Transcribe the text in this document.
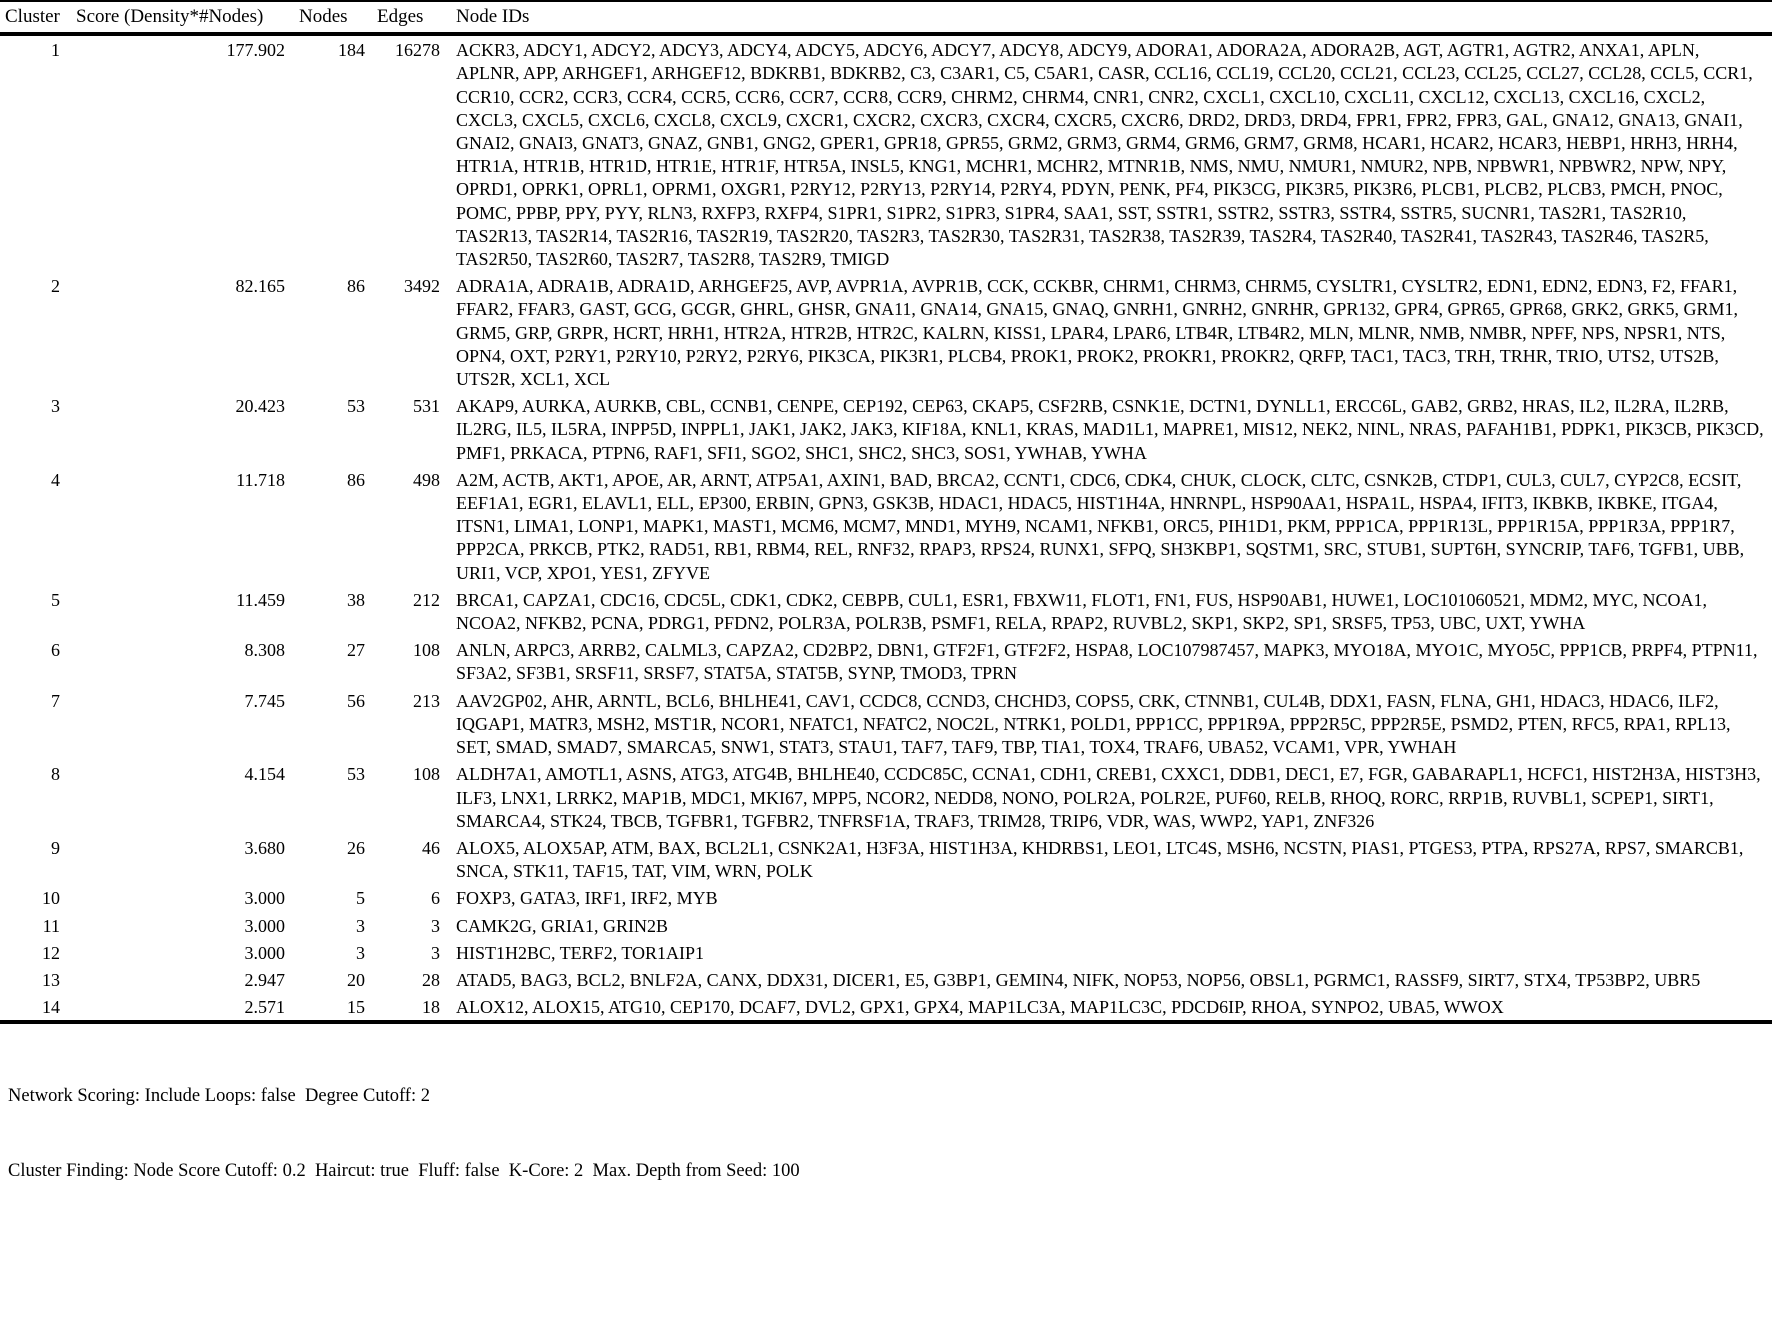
Cluster	Score (Density*#Nodes)	Nodes	Edges	Node IDs
1	177.902	184	16278	ACKR3, ADCY1, ADCY2, ADCY3, ADCY4, ADCY5, ADCY6, ADCY7, ADCY8, ADCY9, ADORA1, ADORA2A, ADORA2B, AGT, AGTR1, AGTR2, ANXA1, APLN, APLNR, APP, ARHGEF1, ARHGEF12, BDKRB1, BDKRB2, C3, C3AR1, C5, C5AR1, CASR, CCL16, CCL19, CCL20, CCL21, CCL23, CCL25, CCL27, CCL28, CCL5, CCR1, CCR10, CCR2, CCR3, CCR4, CCR5, CCR6, CCR7, CCR8, CCR9, CHRM2, CHRM4, CNR1, CNR2, CXCL1, CXCL10, CXCL11, CXCL12, CXCL13, CXCL16, CXCL2, CXCL3, CXCL5, CXCL6, CXCL8, CXCL9, CXCR1, CXCR2, CXCR3, CXCR4, CXCR5, CXCR6, DRD2, DRD3, DRD4, FPR1, FPR2, FPR3, GAL, GNA12, GNA13, GNAI1, GNAI2, GNAI3, GNAT3, GNAZ, GNB1, GNG2, GPER1, GPR18, GPR55, GRM2, GRM3, GRM4, GRM6, GRM7, GRM8, HCAR1, HCAR2, HCAR3, HEBP1, HRH3, HRH4, HTR1A, HTR1B, HTR1D, HTR1E, HTR1F, HTR5A, INSL5, KNG1, MCHR1, MCHR2, MTNR1B, NMS, NMU, NMUR1, NMUR2, NPB, NPBWR1, NPBWR2, NPW, NPY, OPRD1, OPRK1, OPRL1, OPRM1, OXGR1, P2RY12, P2RY13, P2RY14, P2RY4, PDYN, PENK, PF4, PIK3CG, PIK3R5, PIK3R6, PLCB1, PLCB2, PLCB3, PMCH, PNOC, POMC, PPBP, PPY, PYY, RLN3, RXFP3, RXFP4, S1PR1, S1PR2, S1PR3, S1PR4, SAA1, SST, SSTR1, SSTR2, SSTR3, SSTR4, SSTR5, SUCNR1, TAS2R1, TAS2R10, TAS2R13, TAS2R14, TAS2R16, TAS2R19, TAS2R20, TAS2R3, TAS2R30, TAS2R31, TAS2R38, TAS2R39, TAS2R4, TAS2R40, TAS2R41, TAS2R43, TAS2R46, TAS2R5, TAS2R50, TAS2R60, TAS2R7, TAS2R8, TAS2R9, TMIGD
2	82.165	86	3492	ADRA1A, ADRA1B, ADRA1D, ARHGEF25, AVP, AVPR1A, AVPR1B, CCK, CCKBR, CHRM1, CHRM3, CHRM5, CYSLTR1, CYSLTR2, EDN1, EDN2, EDN3, F2, FFAR1, FFAR2, FFAR3, GAST, GCG, GCGR, GHRL, GHSR, GNA11, GNA14, GNA15, GNAQ, GNRH1, GNRH2, GNRHR, GPR132, GPR4, GPR65, GPR68, GRK2, GRK5, GRM1, GRM5, GRP, GRPR, HCRT, HRH1, HTR2A, HTR2B, HTR2C, KALRN, KISS1, LPAR4, LPAR6, LTB4R, LTB4R2, MLN, MLNR, NMB, NMBR, NPFF, NPS, NPSR1, NTS, OPN4, OXT, P2RY1, P2RY10, P2RY2, P2RY6, PIK3CA, PIK3R1, PLCB4, PROK1, PROK2, PROKR1, PROKR2, QRFP, TAC1, TAC3, TRH, TRHR, TRIO, UTS2, UTS2B, UTS2R, XCL1, XCL
3	20.423	53	531	AKAP9, AURKA, AURKB, CBL, CCNB1, CENPE, CEP192, CEP63, CKAP5, CSF2RB, CSNK1E, DCTN1, DYNLL1, ERCC6L, GAB2, GRB2, HRAS, IL2, IL2RA, IL2RB, IL2RG, IL5, IL5RA, INPP5D, INPPL1, JAK1, JAK2, JAK3, KIF18A, KNL1, KRAS, MAD1L1, MAPRE1, MIS12, NEK2, NINL, NRAS, PAFAH1B1, PDPK1, PIK3CB, PIK3CD, PMF1, PRKACA, PTPN6, RAF1, SFI1, SGO2, SHC1, SHC2, SHC3, SOS1, YWHAB, YWHA
4	11.718	86	498	A2M, ACTB, AKT1, APOE, AR, ARNT, ATP5A1, AXIN1, BAD, BRCA2, CCNT1, CDC6, CDK4, CHUK, CLOCK, CLTC, CSNK2B, CTDP1, CUL3, CUL7, CYP2C8, ECSIT, EEF1A1, EGR1, ELAVL1, ELL, EP300, ERBIN, GPN3, GSK3B, HDAC1, HDAC5, HIST1H4A, HNRNPL, HSP90AA1, HSPA1L, HSPA4, IFIT3, IKBKB, IKBKE, ITGA4, ITSN1, LIMA1, LONP1, MAPK1, MAST1, MCM6, MCM7, MND1, MYH9, NCAM1, NFKB1, ORC5, PIH1D1, PKM, PPP1CA, PPP1R13L, PPP1R15A, PPP1R3A, PPP1R7, PPP2CA, PRKCB, PTK2, RAD51, RB1, RBM4, REL, RNF32, RPAP3, RPS24, RUNX1, SFPQ, SH3KBP1, SQSTM1, SRC, STUB1, SUPT6H, SYNCRIP, TAF6, TGFB1, UBB, URI1, VCP, XPO1, YES1, ZFYVE
5	11.459	38	212	BRCA1, CAPZA1, CDC16, CDC5L, CDK1, CDK2, CEBPB, CUL1, ESR1, FBXW11, FLOT1, FN1, FUS, HSP90AB1, HUWE1, LOC101060521, MDM2, MYC, NCOA1, NCOA2, NFKB2, PCNA, PDRG1, PFDN2, POLR3A, POLR3B, PSMF1, RELA, RPAP2, RUVBL2, SKP1, SKP2, SP1, SRSF5, TP53, UBC, UXT, YWHA
6	8.308	27	108	ANLN, ARPC3, ARRB2, CALML3, CAPZA2, CD2BP2, DBN1, GTF2F1, GTF2F2, HSPA8, LOC107987457, MAPK3, MYO18A, MYO1C, MYO5C, PPP1CB, PRPF4, PTPN11, SF3A2, SF3B1, SRSF11, SRSF7, STAT5A, STAT5B, SYNP, TMOD3, TPRN
7	7.745	56	213	AAV2GP02, AHR, ARNTL, BCL6, BHLHE41, CAV1, CCDC8, CCND3, CHCHD3, COPS5, CRK, CTNNB1, CUL4B, DDX1, FASN, FLNA, GH1, HDAC3, HDAC6, ILF2, IQGAP1, MATR3, MSH2, MST1R, NCOR1, NFATC1, NFATC2, NOC2L, NTRK1, POLD1, PPP1CC, PPP1R9A, PPP2R5C, PPP2R5E, PSMD2, PTEN, RFC5, RPA1, RPL13, SET, SMAD, SMAD7, SMARCA5, SNW1, STAT3, STAU1, TAF7, TAF9, TBP, TIA1, TOX4, TRAF6, UBA52, VCAM1, VPR, YWHAH
8	4.154	53	108	ALDH7A1, AMOTL1, ASNS, ATG3, ATG4B, BHLHE40, CCDC85C, CCNA1, CDH1, CREB1, CXXC1, DDB1, DEC1, E7, FGR, GABARAPL1, HCFC1, HIST2H3A, HIST3H3, ILF3, LNX1, LRRK2, MAP1B, MDC1, MKI67, MPP5, NCOR2, NEDD8, NONO, POLR2A, POLR2E, PUF60, RELB, RHOQ, RORC, RRP1B, RUVBL1, SCPEP1, SIRT1, SMARCA4, STK24, TBCB, TGFBR1, TGFBR2, TNFRSF1A, TRAF3, TRIM28, TRIP6, VDR, WAS, WWP2, YAP1, ZNF326
9	3.680	26	46	ALOX5, ALOX5AP, ATM, BAX, BCL2L1, CSNK2A1, H3F3A, HIST1H3A, KHDRBS1, LEO1, LTC4S, MSH6, NCSTN, PIAS1, PTGES3, PTPA, RPS27A, RPS7, SMARCB1, SNCA, STK11, TAF15, TAT, VIM, WRN, POLK
10	3.000	5	6	FOXP3, GATA3, IRF1, IRF2, MYB
11	3.000	3	3	CAMK2G, GRIA1, GRIN2B
12	3.000	3	3	HIST1H2BC, TERF2, TOR1AIP1
13	2.947	20	28	ATAD5, BAG3, BCL2, BNLF2A, CANX, DDX31, DICER1, E5, G3BP1, GEMIN4, NIFK, NOP53, NOP56, OBSL1, PGRMC1, RASSF9, SIRT7, STX4, TP53BP2, UBR5
14	2.571	15	18	ALOX12, ALOX15, ATG10, CEP170, DCAF7, DVL2, GPX1, GPX4, MAP1LC3A, MAP1LC3C, PDCD6IP, RHOA, SYNPO2, UBA5, WWOX

Network Scoring: Include Loops: false  Degree Cutoff: 2

Cluster Finding: Node Score Cutoff: 0.2  Haircut: true  Fluff: false  K-Core: 2  Max. Depth from Seed: 100
